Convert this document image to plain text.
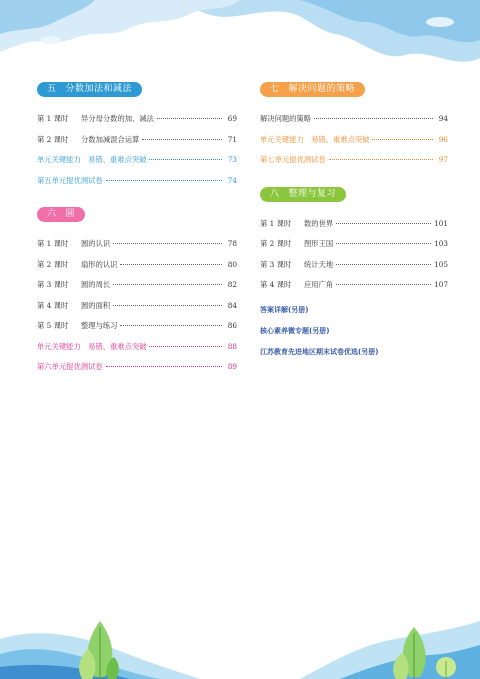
五 分数加法和减法
第 1 课时	异分母分数的加、减法	69
第 2 课时	分数加减混合运算	71
单元关键能力　易错、重难点突破	73
第五单元提优测试卷	74
六 圆
第 1 课时	圆的认识	78
第 2 课时	扇形的认识	80
第 3 课时	圆的周长	82
第 4 课时	圆的面积	84
第 5 课时	整理与练习	86
单元关键能力　易错、重难点突破	88
第六单元提优测试卷	89
七 解决问题的策略
解决问题的策略	94
单元关键能力　易错、重难点突破	96
第七单元提优测试卷	97
八 整理与复习
第 1 课时	数的世界	101
第 2 课时	图形王国	103
第 3 课时	统计天地	105
第 4 课时	应用广角	107
答案详解(另册)
核心素养微专题(另册)
江苏教育先进地区期末试卷优选(另册)
